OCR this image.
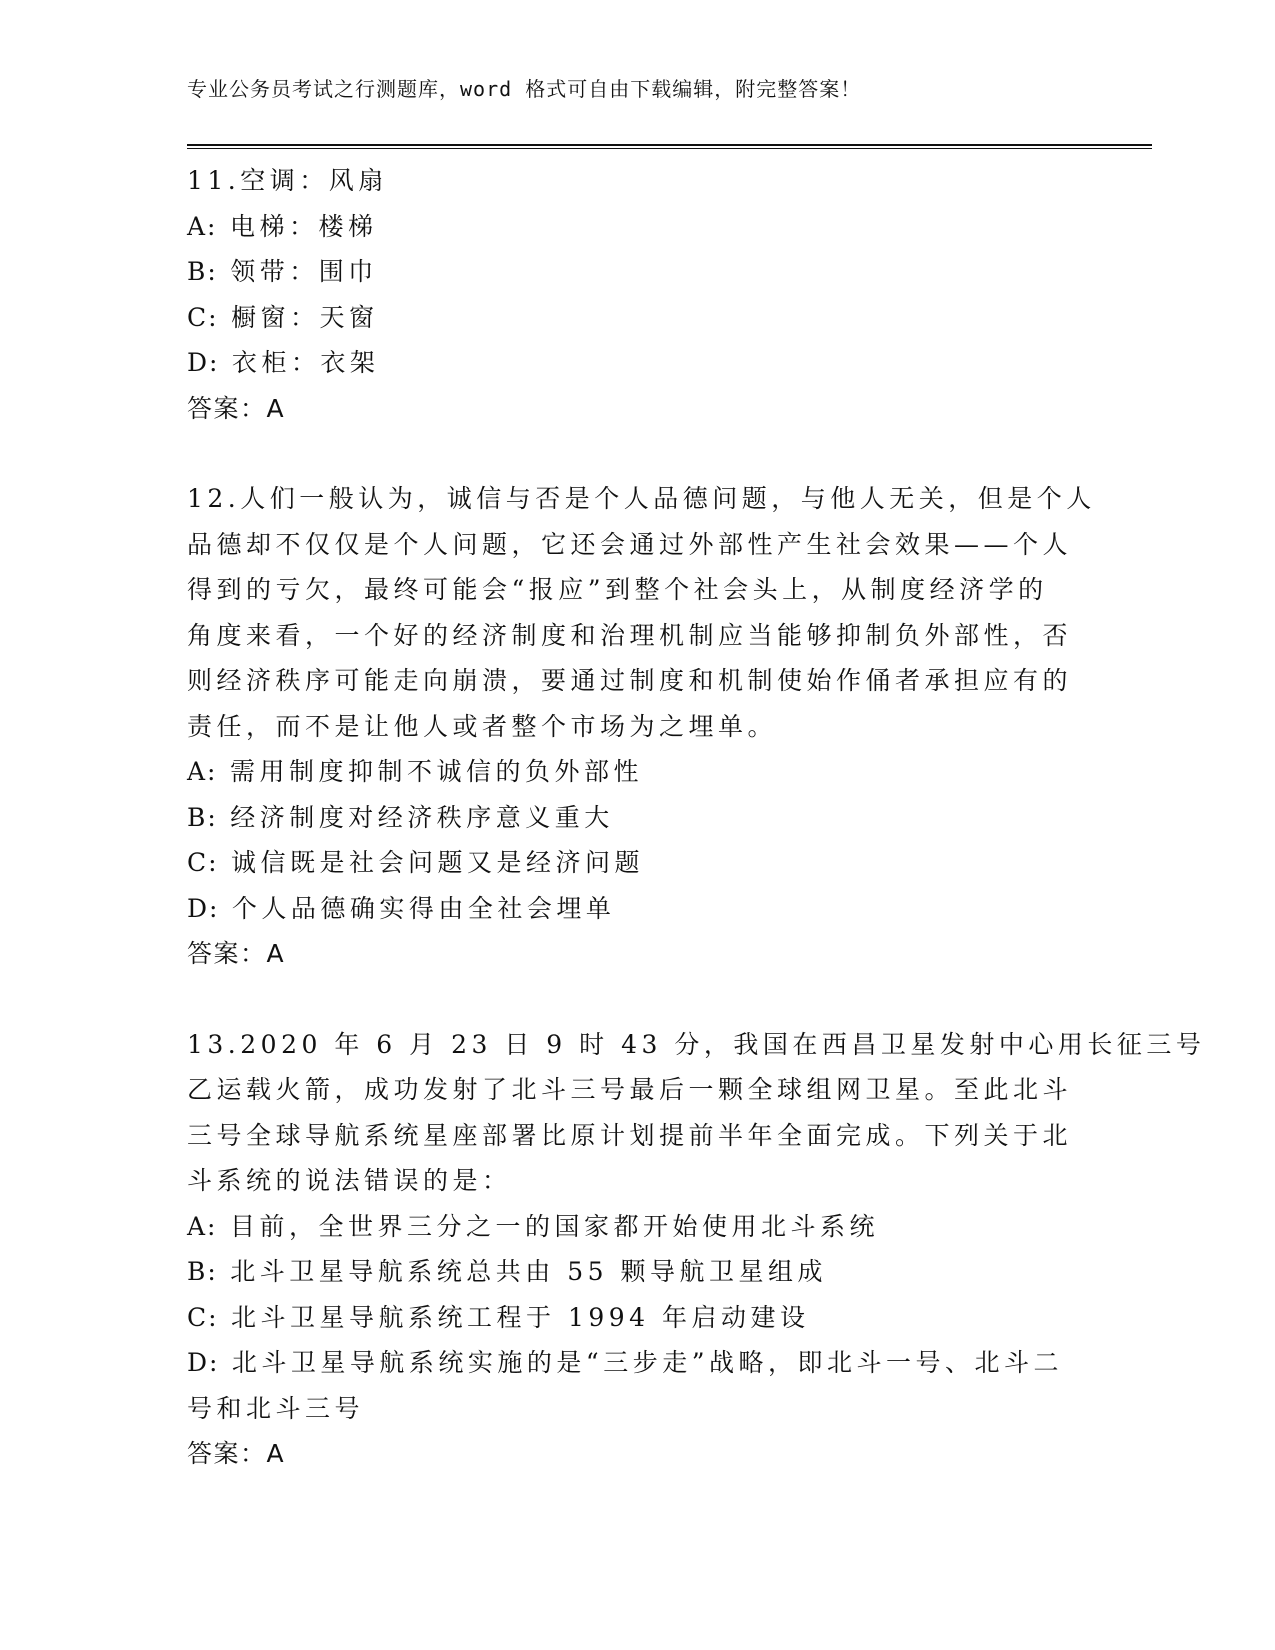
专业公务员考试之行测题库，word 格式可自由下载编辑，附完整答案！

11.空调：风扇

A: 电梯：楼梯

B: 领带：围巾

C: 橱窗：天窗

D: 衣柜：衣架

答案：A

12.人们一般认为，诚信与否是个人品德问题，与他人无关，但是个人

品德却不仅仅是个人问题，它还会通过外部性产生社会效果——个人

得到的亏欠，最终可能会“报应”到整个社会头上，从制度经济学的

角度来看，一个好的经济制度和治理机制应当能够抑制负外部性，否

则经济秩序可能走向崩溃，要通过制度和机制使始作俑者承担应有的

责任，而不是让他人或者整个市场为之埋单。

A: 需用制度抑制不诚信的负外部性

B: 经济制度对经济秩序意义重大

C: 诚信既是社会问题又是经济问题

D: 个人品德确实得由全社会埋单

答案：A

13.2020 年 6 月 23 日 9 时 43 分，我国在西昌卫星发射中心用长征三号

乙运载火箭，成功发射了北斗三号最后一颗全球组网卫星。至此北斗

三号全球导航系统星座部署比原计划提前半年全面完成。下列关于北

斗系统的说法错误的是：

A: 目前，全世界三分之一的国家都开始使用北斗系统

B: 北斗卫星导航系统总共由 55 颗导航卫星组成

C: 北斗卫星导航系统工程于 1994 年启动建设

D: 北斗卫星导航系统实施的是“三步走”战略，即北斗一号、北斗二

号和北斗三号

答案：A
